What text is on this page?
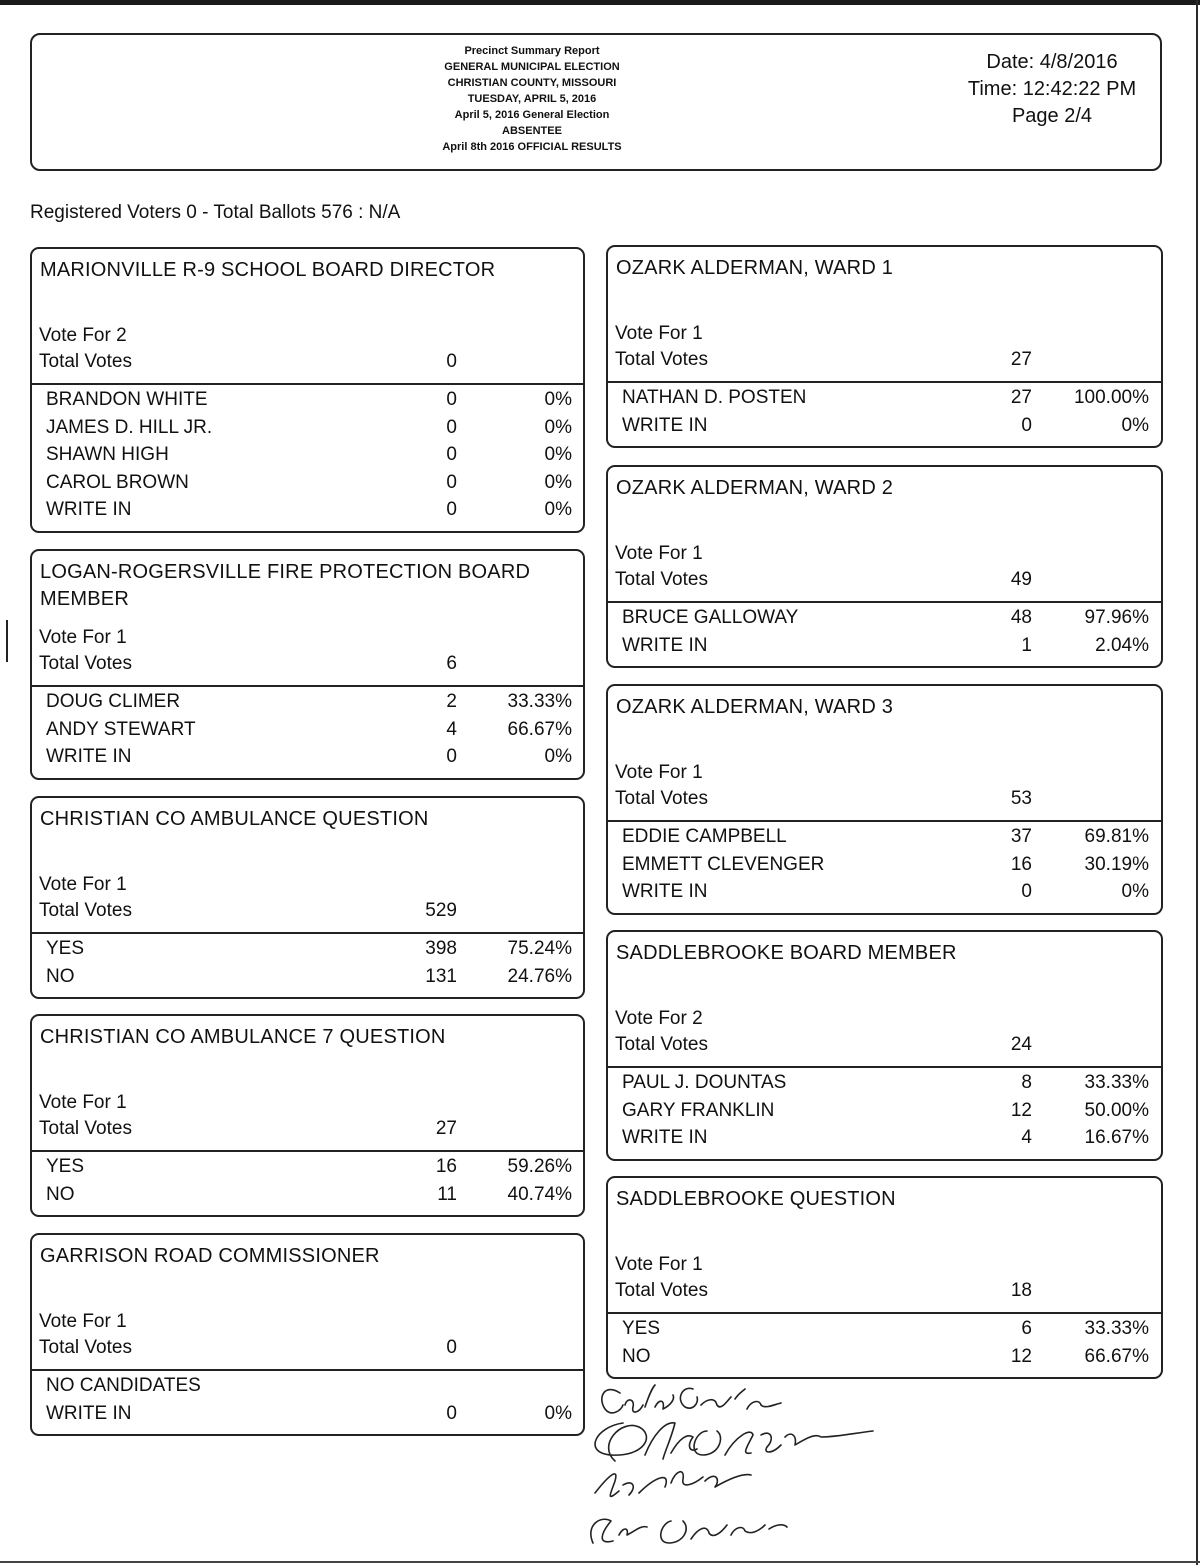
Precinct Summary Report
GENERAL MUNICIPAL ELECTION
CHRISTIAN COUNTY, MISSOURI
TUESDAY, APRIL 5, 2016
April 5, 2016 General Election
ABSENTEE
April 8th 2016 OFFICIAL RESULTS
Date: 4/8/2016
Time: 12:42:22 PM
Page 2/4
Registered Voters 0 - Total Ballots 576 : N/A
MARIONVILLE R-9 SCHOOL BOARD DIRECTOR
Vote For 2
Total Votes	0
BRANDON WHITE	0	0%
JAMES D. HILL JR.	0	0%
SHAWN HIGH	0	0%
CAROL BROWN	0	0%
WRITE IN	0	0%
LOGAN-ROGERSVILLE FIRE PROTECTION BOARD MEMBER
Vote For 1
Total Votes	6
DOUG CLIMER	2	33.33%
ANDY STEWART	4	66.67%
WRITE IN	0	0%
CHRISTIAN CO AMBULANCE QUESTION
Vote For 1
Total Votes	529
YES	398	75.24%
NO	131	24.76%
CHRISTIAN CO AMBULANCE 7 QUESTION
Vote For 1
Total Votes	27
YES	16	59.26%
NO	11	40.74%
GARRISON ROAD COMMISSIONER
Vote For 1
Total Votes	0
NO CANDIDATES
WRITE IN	0	0%
OZARK ALDERMAN, WARD 1
Vote For 1
Total Votes	27
NATHAN D. POSTEN	27	100.00%
WRITE IN	0	0%
OZARK ALDERMAN, WARD 2
Vote For 1
Total Votes	49
BRUCE GALLOWAY	48	97.96%
WRITE IN	1	2.04%
OZARK ALDERMAN, WARD 3
Vote For 1
Total Votes	53
EDDIE CAMPBELL	37	69.81%
EMMETT CLEVENGER	16	30.19%
WRITE IN	0	0%
SADDLEBROOKE BOARD MEMBER
Vote For 2
Total Votes	24
PAUL J. DOUNTAS	8	33.33%
GARY FRANKLIN	12	50.00%
WRITE IN	4	16.67%
SADDLEBROOKE QUESTION
Vote For 1
Total Votes	18
YES	6	33.33%
NO	12	66.67%
